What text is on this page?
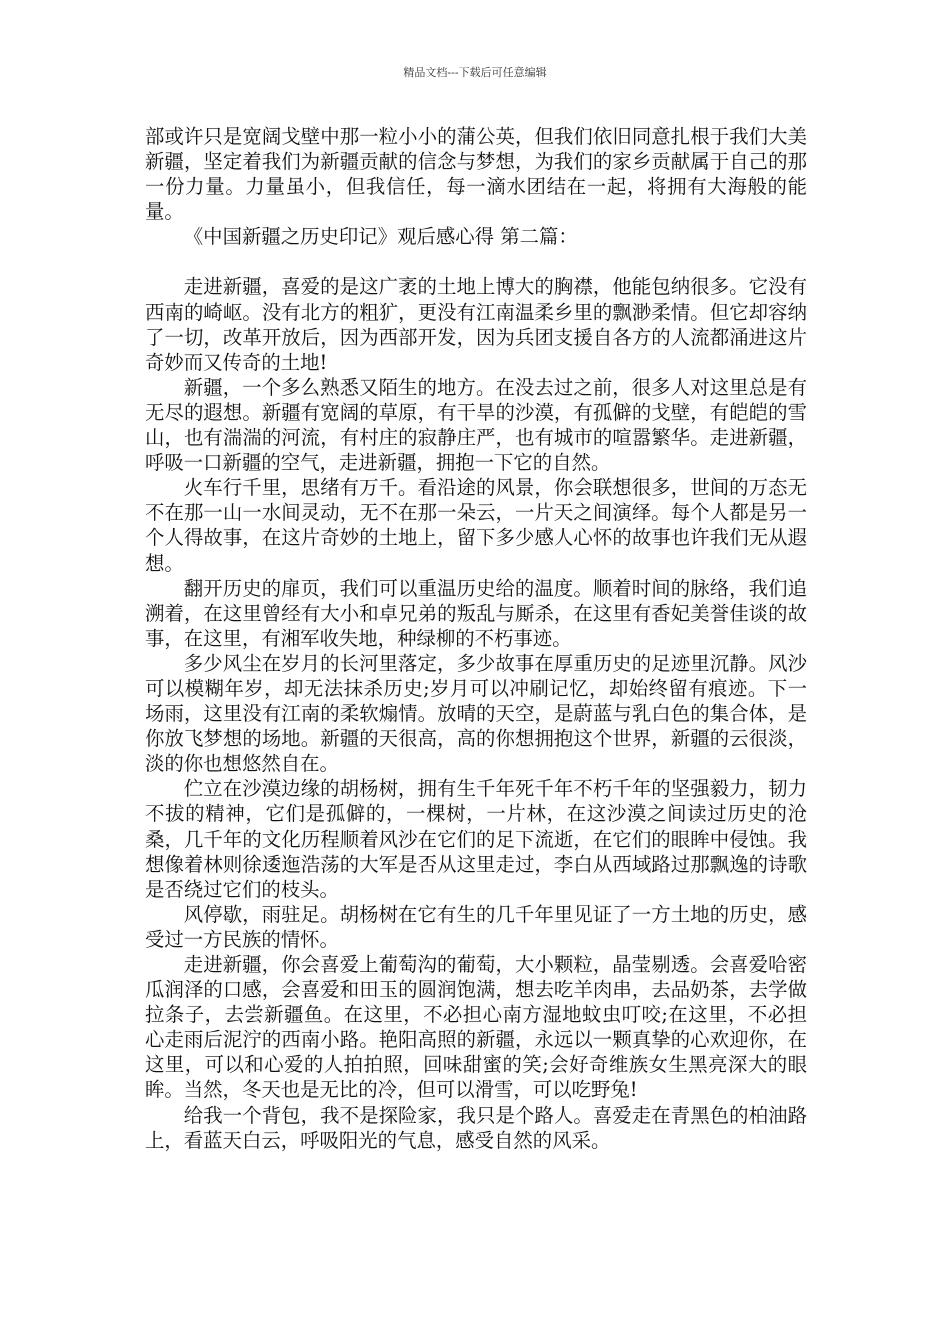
精品文档---下载后可任意编辑

部或许只是宽阔戈壁中那一粒小小的蒲公英，但我们依旧同意扎根于我们大美新疆，坚定着我们为新疆贡献的信念与梦想，为我们的家乡贡献属于自己的那一份力量。力量虽小，但我信任，每一滴水团结在一起，将拥有大海般的能量。

《中国新疆之历史印记》观后感心得 第二篇：

走进新疆，喜爱的是这广袤的土地上博大的胸襟，他能包纳很多。它没有西南的崎岖。没有北方的粗犷，更没有江南温柔乡里的飘渺柔情。但它却容纳了一切，改革开放后，因为西部开发，因为兵团支援自各方的人流都涌进这片奇妙而又传奇的土地!

新疆，一个多么熟悉又陌生的地方。在没去过之前，很多人对这里总是有无尽的遐想。新疆有宽阔的草原，有干旱的沙漠，有孤僻的戈壁，有皑皑的雪山，也有湍湍的河流，有村庄的寂静庄严，也有城市的喧嚣繁华。走进新疆，呼吸一口新疆的空气，走进新疆，拥抱一下它的自然。

火车行千里，思绪有万千。看沿途的风景，你会联想很多，世间的万态无不在那一山一水间灵动，无不在那一朵云，一片天之间演绎。每个人都是另一个人得故事，在这片奇妙的土地上，留下多少感人心怀的故事也许我们无从遐想。

翻开历史的扉页，我们可以重温历史给的温度。顺着时间的脉络，我们追溯着，在这里曾经有大小和卓兄弟的叛乱与厮杀，在这里有香妃美誉佳谈的故事，在这里，有湘军收失地，种绿柳的不朽事迹。

多少风尘在岁月的长河里落定，多少故事在厚重历史的足迹里沉静。风沙可以模糊年岁，却无法抹杀历史;岁月可以冲刷记忆，却始终留有痕迹。下一场雨，这里没有江南的柔软煽情。放晴的天空，是蔚蓝与乳白色的集合体，是你放飞梦想的场地。新疆的天很高，高的你想拥抱这个世界，新疆的云很淡，淡的你也想悠然自在。

伫立在沙漠边缘的胡杨树，拥有生千年死千年不朽千年的坚强毅力，韧力不拔的精神，它们是孤僻的，一棵树，一片林，在这沙漠之间读过历史的沧桑，几千年的文化历程顺着风沙在它们的足下流逝，在它们的眼眸中侵蚀。我想像着林则徐逶迤浩荡的大军是否从这里走过，李白从西域路过那飘逸的诗歌是否绕过它们的枝头。

风停歇，雨驻足。胡杨树在它有生的几千年里见证了一方土地的历史，感受过一方民族的情怀。

走进新疆，你会喜爱上葡萄沟的葡萄，大小颗粒，晶莹剔透。会喜爱哈密瓜润泽的口感，会喜爱和田玉的圆润饱满，想去吃羊肉串，去品奶茶，去学做拉条子，去尝新疆鱼。在这里，不必担心南方湿地蚊虫叮咬;在这里，不必担心走雨后泥泞的西南小路。艳阳高照的新疆，永远以一颗真挚的心欢迎你，在这里，可以和心爱的人拍拍照，回味甜蜜的笑;会好奇维族女生黑亮深大的眼眸。当然，冬天也是无比的冷，但可以滑雪，可以吃野兔!

给我一个背包，我不是探险家，我只是个路人。喜爱走在青黑色的柏油路上，看蓝天白云，呼吸阳光的气息，感受自然的风采。
